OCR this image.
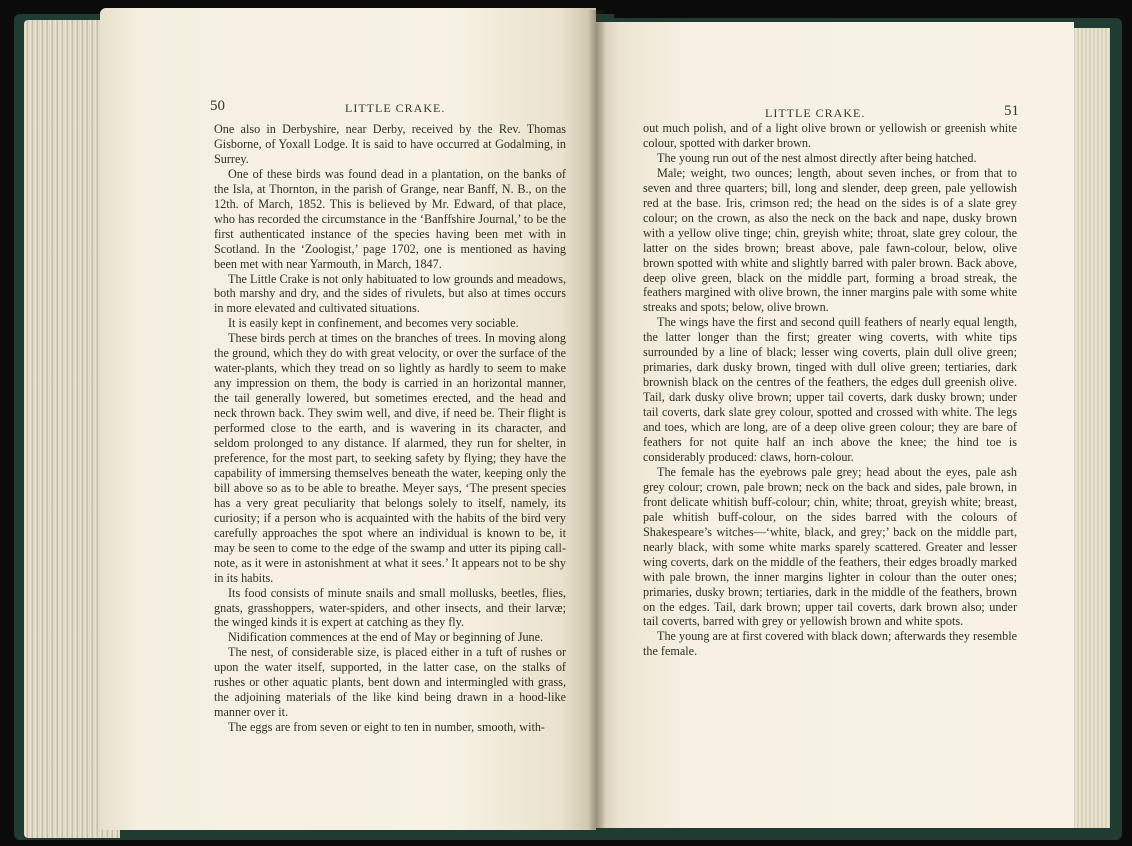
50	LITTLE CRAKE.	LITTLE CRAKE.	51

One also in Derbyshire, near Derby, received by the Rev. Thomas Gisborne, of Yoxall Lodge. It is said to have occurred at Godalming, in Surrey.

One of these birds was found dead in a plantation, on the banks of the Isla, at Thornton, in the parish of Grange, near Banff, N. B., on the 12th. of March, 1852. This is believed by Mr. Edward, of that place, who has recorded the circumstance in the ‘Banffshire Journal,’ to be the first authenticated instance of the species having been met with in Scotland. In the ‘Zoologist,’ page 1702, one is mentioned as having been met with near Yarmouth, in March, 1847.

The Little Crake is not only habituated to low grounds and meadows, both marshy and dry, and the sides of rivulets, but also at times occurs in more elevated and cultivated situations.

It is easily kept in confinement, and becomes very sociable.

These birds perch at times on the branches of trees. In moving along the ground, which they do with great velocity, or over the surface of the water-plants, which they tread on so lightly as hardly to seem to make any impression on them, the body is carried in an horizontal manner, the tail generally lowered, but sometimes erected, and the head and neck thrown back. They swim well, and dive, if need be. Their flight is performed close to the earth, and is wavering in its character, and seldom prolonged to any distance. If alarmed, they run for shelter, in preference, for the most part, to seeking safety by flying; they have the capability of immersing themselves beneath the water, keeping only the bill above so as to be able to breathe. Meyer says, ‘The present species has a very great peculiarity that belongs solely to itself, namely, its curiosity; if a person who is acquainted with the habits of the bird very carefully approaches the spot where an individual is known to be, it may be seen to come to the edge of the swamp and utter its piping call-note, as it were in astonishment at what it sees.’ It appears not to be shy in its habits.

Its food consists of minute snails and small mollusks, beetles, flies, gnats, grasshoppers, water-spiders, and other insects, and their larvæ; the winged kinds it is expert at catching as they fly.

Nidification commences at the end of May or beginning of June.

The nest, of considerable size, is placed either in a tuft of rushes or upon the water itself, supported, in the latter case, on the stalks of rushes or other aquatic plants, bent down and intermingled with grass, the adjoining materials of the like kind being drawn in a hood-like manner over it.

The eggs are from seven or eight to ten in number, smooth, with-

out much polish, and of a light olive brown or yellowish or greenish white colour, spotted with darker brown.

The young run out of the nest almost directly after being hatched.

Male; weight, two ounces; length, about seven inches, or from that to seven and three quarters; bill, long and slender, deep green, pale yellowish red at the base. Iris, crimson red; the head on the sides is of a slate grey colour; on the crown, as also the neck on the back and nape, dusky brown with a yellow olive tinge; chin, greyish white; throat, slate grey colour, the latter on the sides brown; breast above, pale fawn-colour, below, olive brown spotted with white and slightly barred with paler brown. Back above, deep olive green, black on the middle part, forming a broad streak, the feathers margined with olive brown, the inner margins pale with some white streaks and spots; below, olive brown.

The wings have the first and second quill feathers of nearly equal length, the latter longer than the first; greater wing coverts, with white tips surrounded by a line of black; lesser wing coverts, plain dull olive green; primaries, dark dusky brown, tinged with dull olive green; tertiaries, dark brownish black on the centres of the feathers, the edges dull greenish olive. Tail, dark dusky olive brown; upper tail coverts, dark dusky brown; under tail coverts, dark slate grey colour, spotted and crossed with white. The legs and toes, which are long, are of a deep olive green colour; they are bare of feathers for not quite half an inch above the knee; the hind toe is considerably produced: claws, horn-colour.

The female has the eyebrows pale grey; head about the eyes, pale ash grey colour; crown, pale brown; neck on the back and sides, pale brown, in front delicate whitish buff-colour; chin, white; throat, greyish white; breast, pale whitish buff-colour, on the sides barred with the colours of Shakespeare’s witches—‘white, black, and grey;’ back on the middle part, nearly black, with some white marks sparely scattered. Greater and lesser wing coverts, dark on the middle of the feathers, their edges broadly marked with pale brown, the inner margins lighter in colour than the outer ones; primaries, dusky brown; tertiaries, dark in the middle of the feathers, brown on the edges. Tail, dark brown; upper tail coverts, dark brown also; under tail coverts, barred with grey or yellowish brown and white spots.

The young are at first covered with black down; afterwards they resemble the female.
